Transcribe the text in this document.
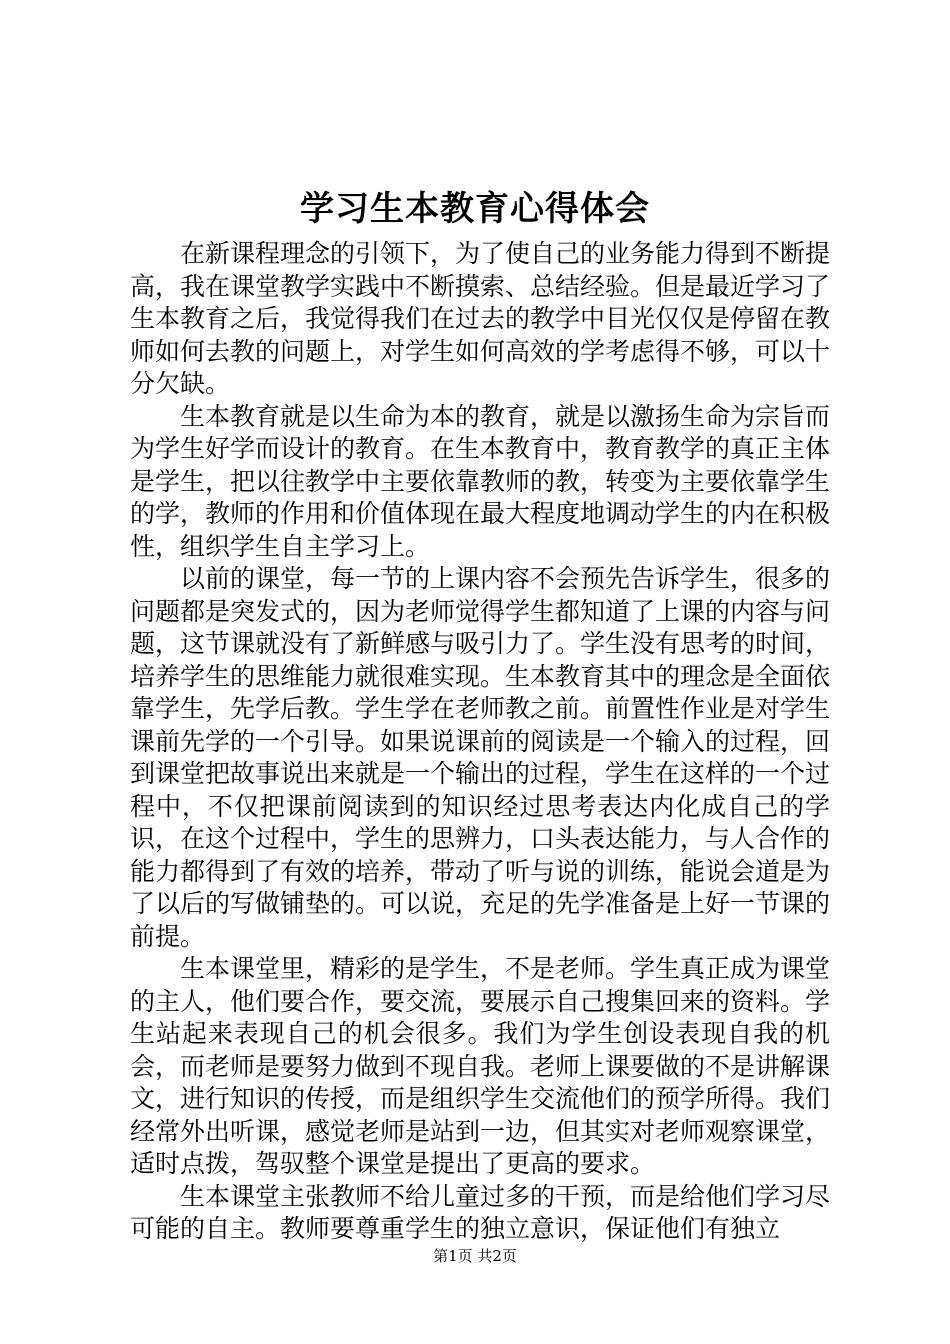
学习生本教育心得体会

在新课程理念的引领下，为了使自己的业务能力得到不断提高，我在课堂教学实践中不断摸索、总结经验。但是最近学习了生本教育之后，我觉得我们在过去的教学中目光仅仅是停留在教师如何去教的问题上，对学生如何高效的学考虑得不够，可以十分欠缺。

生本教育就是以生命为本的教育，就是以激扬生命为宗旨而为学生好学而设计的教育。在生本教育中，教育教学的真正主体是学生，把以往教学中主要依靠教师的教，转变为主要依靠学生的学，教师的作用和价值体现在最大程度地调动学生的内在积极性，组织学生自主学习上。

以前的课堂，每一节的上课内容不会预先告诉学生，很多的问题都是突发式的，因为老师觉得学生都知道了上课的内容与问题，这节课就没有了新鲜感与吸引力了。学生没有思考的时间，培养学生的思维能力就很难实现。生本教育其中的理念是全面依靠学生，先学后教。学生学在老师教之前。前置性作业是对学生课前先学的一个引导。如果说课前的阅读是一个输入的过程，回到课堂把故事说出来就是一个输出的过程，学生在这样的一个过程中，不仅把课前阅读到的知识经过思考表达内化成自己的学识，在这个过程中，学生的思辨力，口头表达能力，与人合作的能力都得到了有效的培养，带动了听与说的训练，能说会道是为了以后的写做铺垫的。可以说，充足的先学准备是上好一节课的前提。

生本课堂里，精彩的是学生，不是老师。学生真正成为课堂的主人，他们要合作，要交流，要展示自己搜集回来的资料。学生站起来表现自己的机会很多。我们为学生创设表现自我的机会，而老师是要努力做到不现自我。老师上课要做的不是讲解课文，进行知识的传授，而是组织学生交流他们的预学所得。我们经常外出听课，感觉老师是站到一边，但其实对老师观察课堂，适时点拨，驾驭整个课堂是提出了更高的要求。

生本课堂主张教师不给儿童过多的干预，而是给他们学习尽可能的自主。教师要尊重学生的独立意识，保证他们有独立

第1页 共2页
